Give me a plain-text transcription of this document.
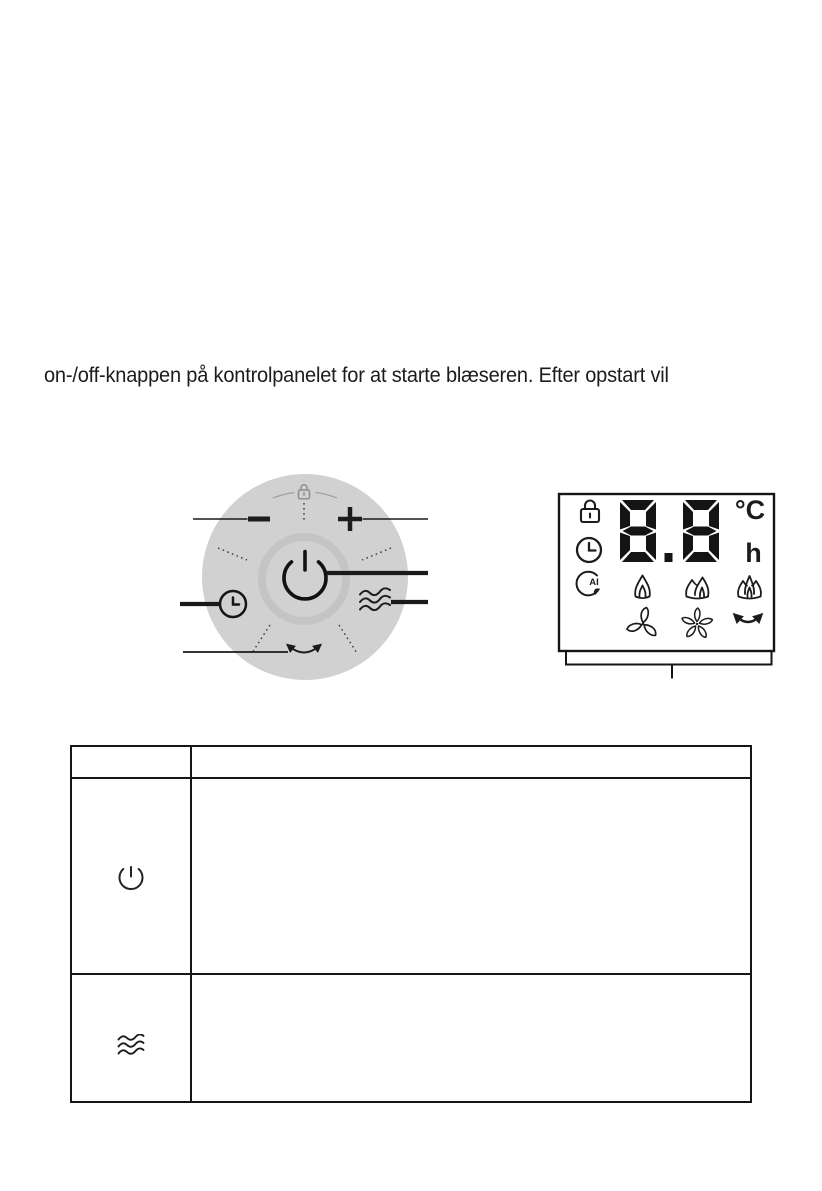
on-/off-knappen på kontrolpanelet for at starte blæseren. Efter opstart vil
AI
°C
h
